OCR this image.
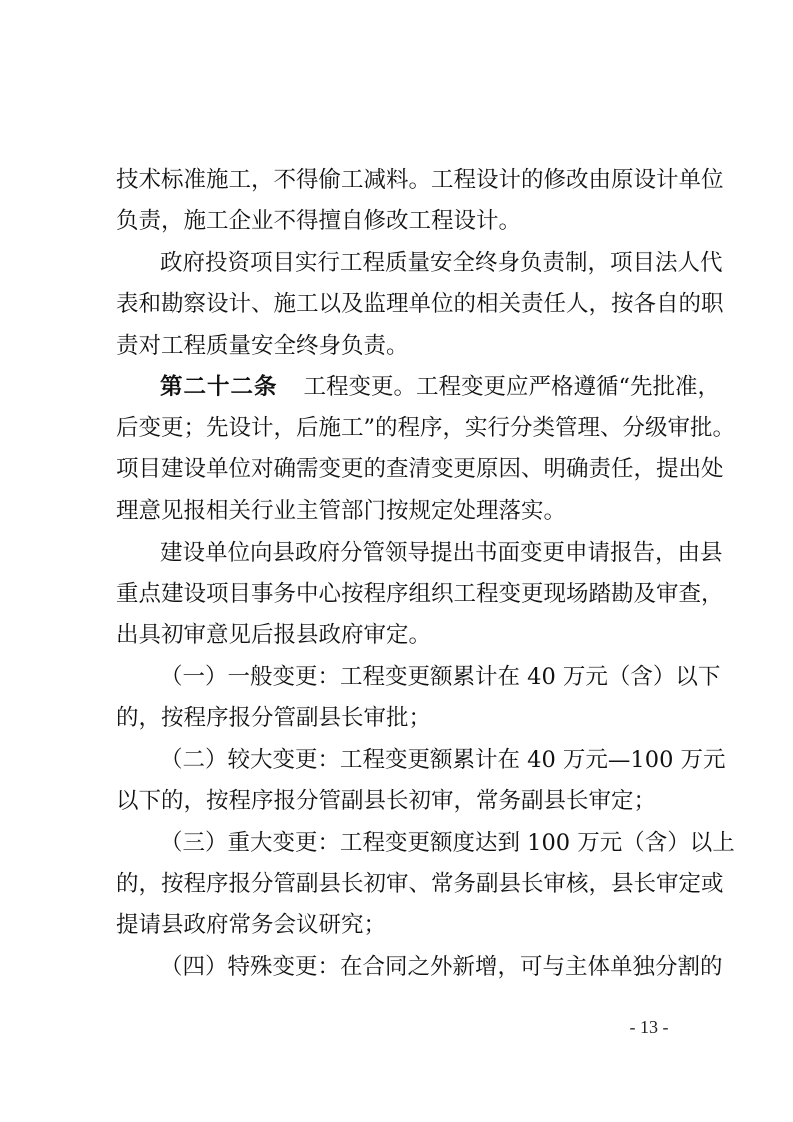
技术标准施工，不得偷工减料。工程设计的修改由原设计单位
负责，施工企业不得擅自修改工程设计。
政府投资项目实行工程质量安全终身负责制，项目法人代
表和勘察设计、施工以及监理单位的相关责任人，按各自的职
责对工程质量安全终身负责。
第二十二条 工程变更。工程变更应严格遵循“先批准，
后变更；先设计，后施工”的程序，实行分类管理、分级审批。
项目建设单位对确需变更的查清变更原因、明确责任，提出处
理意见报相关行业主管部门按规定处理落实。
建设单位向县政府分管领导提出书面变更申请报告，由县
重点建设项目事务中心按程序组织工程变更现场踏勘及审查，
出具初审意见后报县政府审定。
（一）一般变更：工程变更额累计在 40 万元（含）以下
的，按程序报分管副县长审批；
（二）较大变更：工程变更额累计在 40 万元—100 万元
以下的，按程序报分管副县长初审，常务副县长审定；
（三）重大变更：工程变更额度达到 100 万元（含）以上
的，按程序报分管副县长初审、常务副县长审核，县长审定或
提请县政府常务会议研究；
（四）特殊变更：在合同之外新增，可与主体单独分割的
- 13 -
